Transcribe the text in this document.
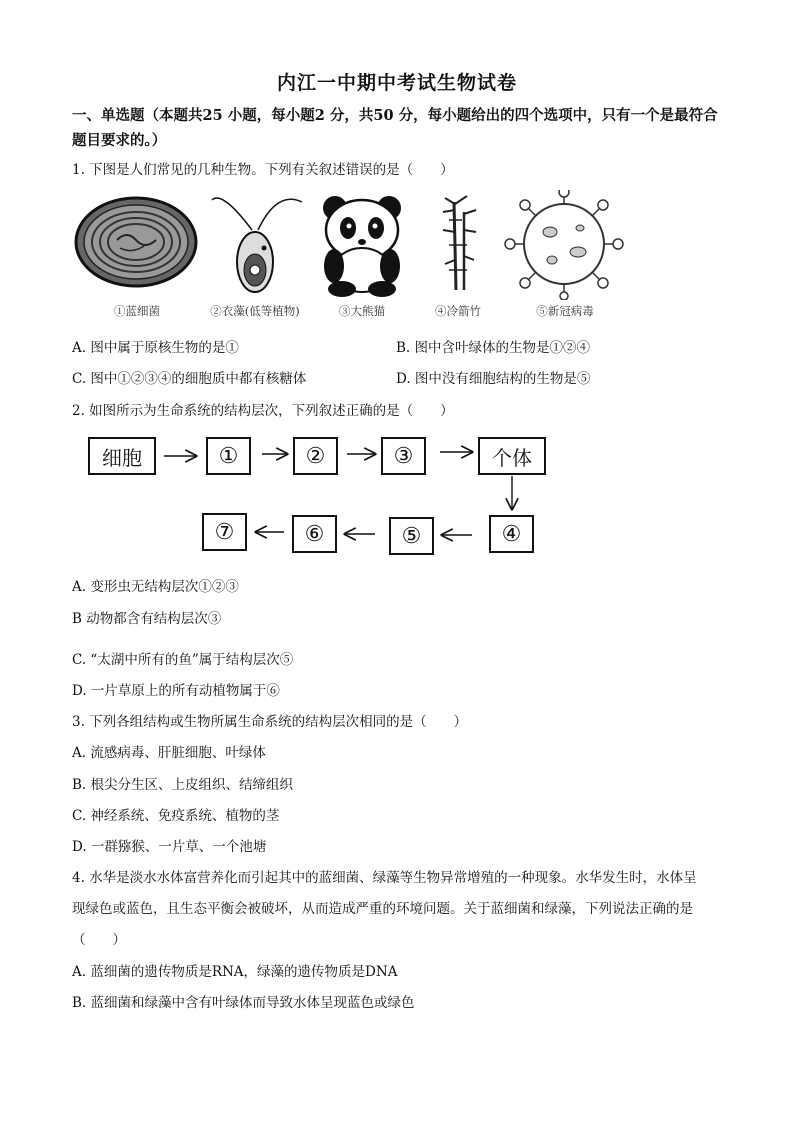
内江一中期中考试生物试卷
一、单选题（本题共25 小题，每小题2 分，共50 分，每小题给出的四个选项中，只有一个是最符合题目要求的。）
1. 下图是人们常见的几种生物。下列有关叙述错误的是（　　）
①蓝细菌	②衣藻(低等植物)	③大熊猫	④冷箭竹	⑤新冠病毒
A. 图中属于原核生物的是①	B. 图中含叶绿体的生物是①②④
C. 图中①②③④的细胞质中都有核糖体	D. 图中没有细胞结构的生物是⑤
2. 如图所示为生命系统的结构层次，下列叙述正确的是（　　）
细胞	①	②	③	个体
④
⑤
⑥
⑦
A. 变形虫无结构层次①②③
B 动物都含有结构层次③
C. “太湖中所有的鱼”属于结构层次⑤
D. 一片草原上的所有动植物属于⑥
3. 下列各组结构或生物所属生命系统的结构层次相同的是（　　）
A. 流感病毒、肝脏细胞、叶绿体
B. 根尖分生区、上皮组织、结缔组织
C. 神经系统、免疫系统、植物的茎
D. 一群猕猴、一片草、一个池塘
4. 水华是淡水水体富营养化而引起其中的蓝细菌、绿藻等生物异常增殖的一种现象。水华发生时，水体呈
现绿色或蓝色，且生态平衡会被破坏，从而造成严重的环境问题。关于蓝细菌和绿藻，下列说法正确的是
（　　）
A. 蓝细菌的遗传物质是RNA，绿藻的遗传物质是DNA
B. 蓝细菌和绿藻中含有叶绿体而导致水体呈现蓝色或绿色
